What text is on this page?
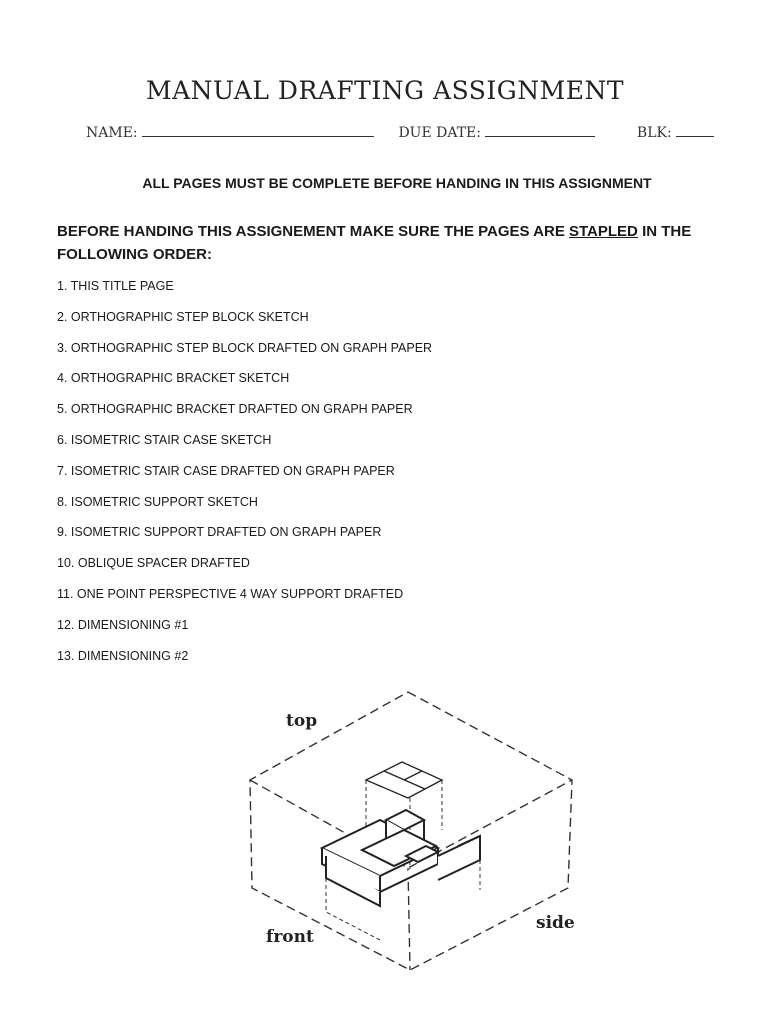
MANUAL DRAFTING ASSIGNMENT
NAME:	DUE DATE:	BLK:
ALL PAGES MUST BE COMPLETE BEFORE HANDING IN THIS ASSIGNMENT
BEFORE HANDING THIS ASSIGNEMENT MAKE SURE THE PAGES ARE STAPLED IN THE FOLLOWING ORDER:
1. THIS TITLE PAGE
2. ORTHOGRAPHIC STEP BLOCK SKETCH
3. ORTHOGRAPHIC STEP BLOCK DRAFTED ON GRAPH PAPER
4. ORTHOGRAPHIC BRACKET SKETCH
5. ORTHOGRAPHIC BRACKET DRAFTED ON GRAPH PAPER
6. ISOMETRIC STAIR CASE SKETCH
7. ISOMETRIC STAIR CASE DRAFTED ON GRAPH PAPER
8. ISOMETRIC SUPPORT SKETCH
9. ISOMETRIC SUPPORT DRAFTED ON GRAPH PAPER
10. OBLIQUE SPACER DRAFTED
11. ONE POINT PERSPECTIVE 4 WAY SUPPORT DRAFTED
12. DIMENSIONING #1
13. DIMENSIONING #2
top
front
side
